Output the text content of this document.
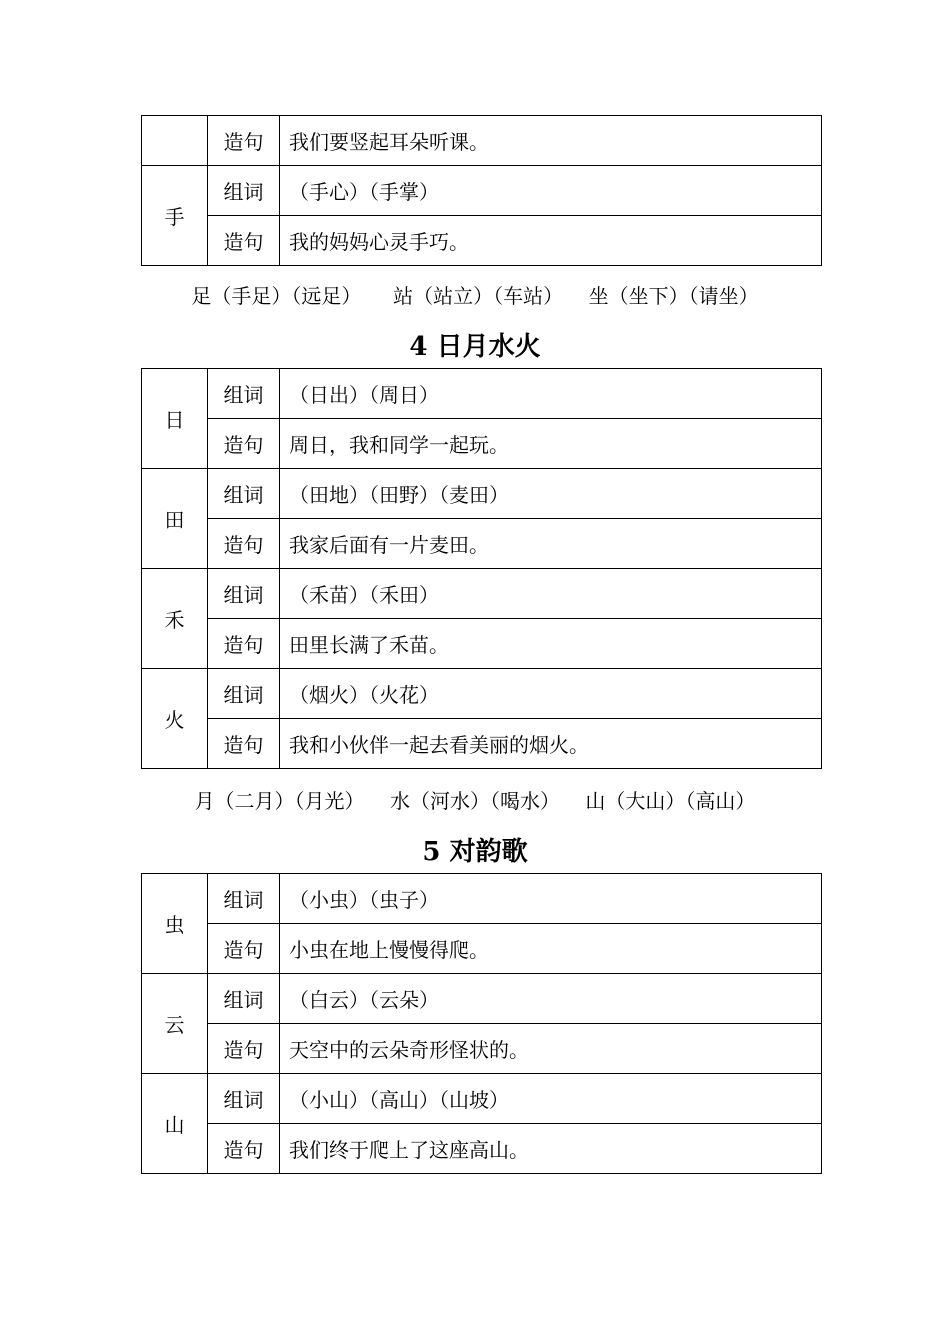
	造句	我们要竖起耳朵听课。
手	组词	（手心）（手掌）
	造句	我的妈妈心灵手巧。
足（手足）（远足）     站（站立）（车站）    坐（坐下）（请坐）
4 日月水火
日	组词	（日出）（周日）
	造句	周日，我和同学一起玩。
田	组词	（田地）（田野）（麦田）
	造句	我家后面有一片麦田。
禾	组词	（禾苗）（禾田）
	造句	田里长满了禾苗。
火	组词	（烟火）（火花）
	造句	我和小伙伴一起去看美丽的烟火。
月（二月）（月光）    水（河水）（喝水）    山（大山）（高山）
5 对韵歌
虫	组词	（小虫）（虫子）
	造句	小虫在地上慢慢得爬。
云	组词	（白云）（云朵）
	造句	天空中的云朵奇形怪状的。
山	组词	（小山）（高山）（山坡）
	造句	我们终于爬上了这座高山。
